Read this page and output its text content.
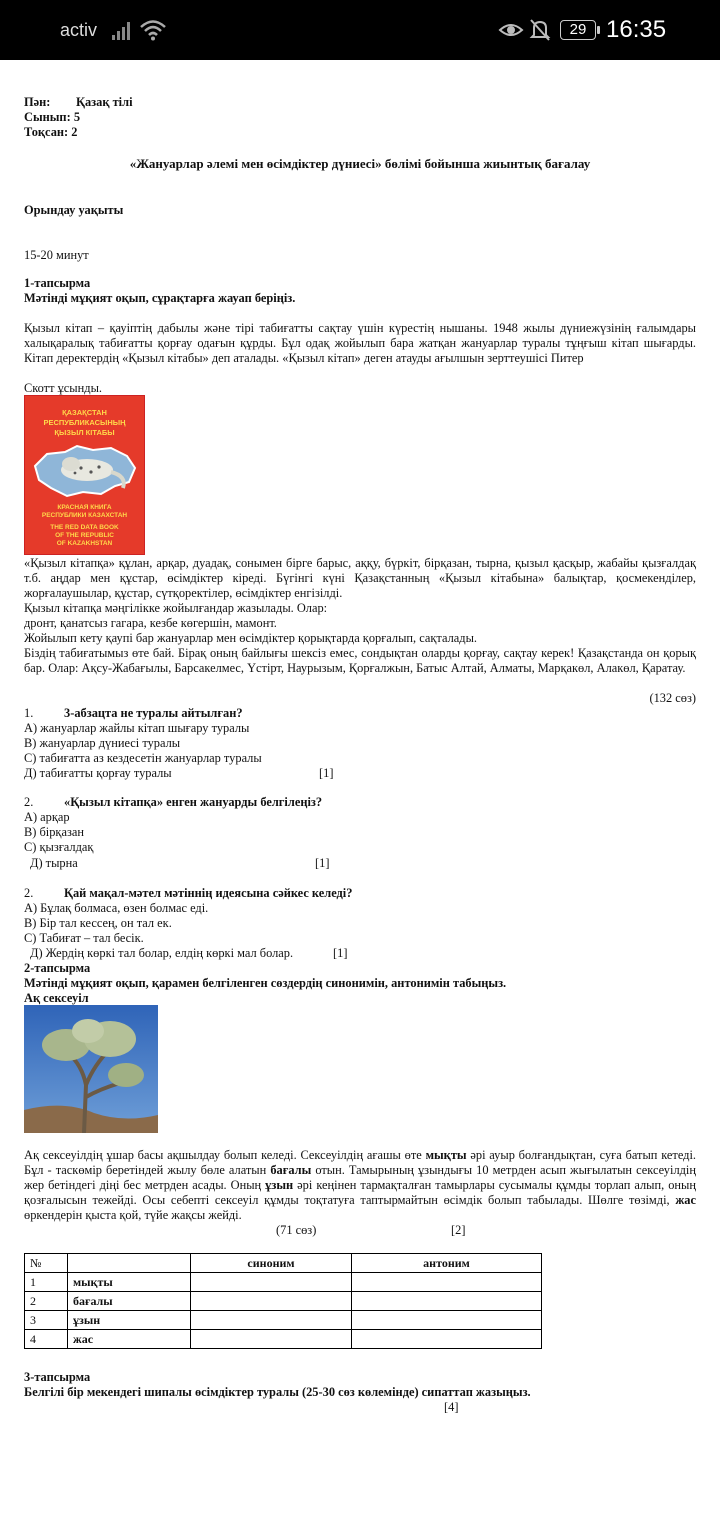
activ	29 16:35
Пән: Қазақ тілі
Сынып: 5
Тоқсан: 2
«Жануарлар әлемі мен өсімдіктер дүниесі» бөлімі бойынша жиынтық бағалау
Орындау уақыты
15-20 минут
1-тапсырма
Мәтінді мұқият оқып, сұрақтарға жауап беріңіз.
Қызыл кітап – қауіптің дабылы және тірі табиғатты сақтау үшін күрестің нышаны. 1948 жылы дүниежүзінің ғалымдары халықаралық табиғатты қорғау одағын құрды. Бұл одақ жойылып бара жатқан жануарлар туралы тұңғыш кітап шығарды. Кітап деректердің «Қызыл кітабы» деп аталады. «Қызыл кітап» деген атауды ағылшын зерттеушісі Питер
Скотт ұсынды.
ҚАЗАҚСТАН
РЕСПУБЛИКАСЫНЫҢ
ҚЫЗЫЛ КІТАБЫ
КРАСНАЯ КНИГА
РЕСПУБЛИКИ КАЗАХСТАН
THE RED DATA BOOK
OF THE REPUBLIC
OF KAZAKHSTAN
«Қызыл кітапқа» құлан, арқар, дуадақ, сонымен бірге барыс, аққу, бүркіт, бірқазан, тырна, қызыл қасқыр, жабайы қызғалдақ т.б. аңдар мен құстар, өсімдіктер кіреді. Бүгінгі күні Қазақстанның «Қызыл кітабына» балықтар, қосмекенділер, жорғалаушылар, құстар, сүтқоректілер, өсімдіктер енгізілді.
Қызыл кітапқа мәңгілікке жойылғандар жазылады. Олар:
дронт, қанатсыз гагара, кезбе көгершін, мамонт.
Жойылып кету қаупі бар жануарлар мен өсімдіктер қорықтарда қорғалып, сақталады.
Біздің табиғатымыз өте бай. Бірақ оның байлығы шексіз емес, сондықтан оларды қорғау, сақтау керек! Қазақстанда он қорық бар. Олар: Ақсу-Жабағылы, Барсакелмес, Үстірт, Наурызым, Қорғалжын, Батыс Алтай, Алматы, Марқакөл, Алакөл, Қаратау.
(132 сөз)
1. 3-абзацта не туралы айтылған?
А) жануарлар жайлы кітап шығару туралы
В) жануарлар дүниесі туралы
С) табиғатта аз кездесетін жануарлар туралы
Д) табиғатты қорғау туралы	[1]
2. «Қызыл кітапқа» енген жануарды белгілеңіз?
А) арқар
В) бірқазан
С) қызғалдақ
Д) тырна	[1]
2. Қай мақал-мәтел мәтіннің идеясына сәйкес келеді?
А) Бұлақ болмаса, өзен болмас еді.
В) Бір тал кессең, он тал ек.
С) Табиғат – тал бесік.
Д) Жердің көркі тал болар, елдің көркі мал болар.	[1]
2-тапсырма
Мәтінді мұқият оқып, қарамен белгіленген сөздердің синонимін, антонимін табыңыз.
Ақ сексеуіл
Ақ сексеуілдің ұшар басы ақшылдау болып келеді. Сексеуілдің ағашы өте мықты әрі ауыр болғандықтан, суға батып кетеді. Бұл - таскөмір беретіндей жылу бөле алатын бағалы отын. Тамырының ұзындығы 10 метрден асып жығылатын сексеуілдің жер бетіндегі діңі бес метрден асады. Оның ұзын әрі кеңінен тармақталған тамырлары сусымалы құмды торлап алып, оның қозғалысын тежейді. Осы себепті сексеуіл құмды тоқтатуға таптырмайтын өсімдік болып табылады. Шөлге төзімді, жас өркендерін қыста қой, түйе жақсы жейді.
(71 сөз)	[2]
№		синоним	антоним
1	мықты		
2	бағалы		
3	ұзын		
4	жас		
3-тапсырма
Белгілі бір мекендегі шипалы өсімдіктер туралы (25-30 сөз көлемінде) сипаттап жазыңыз.
[4]
